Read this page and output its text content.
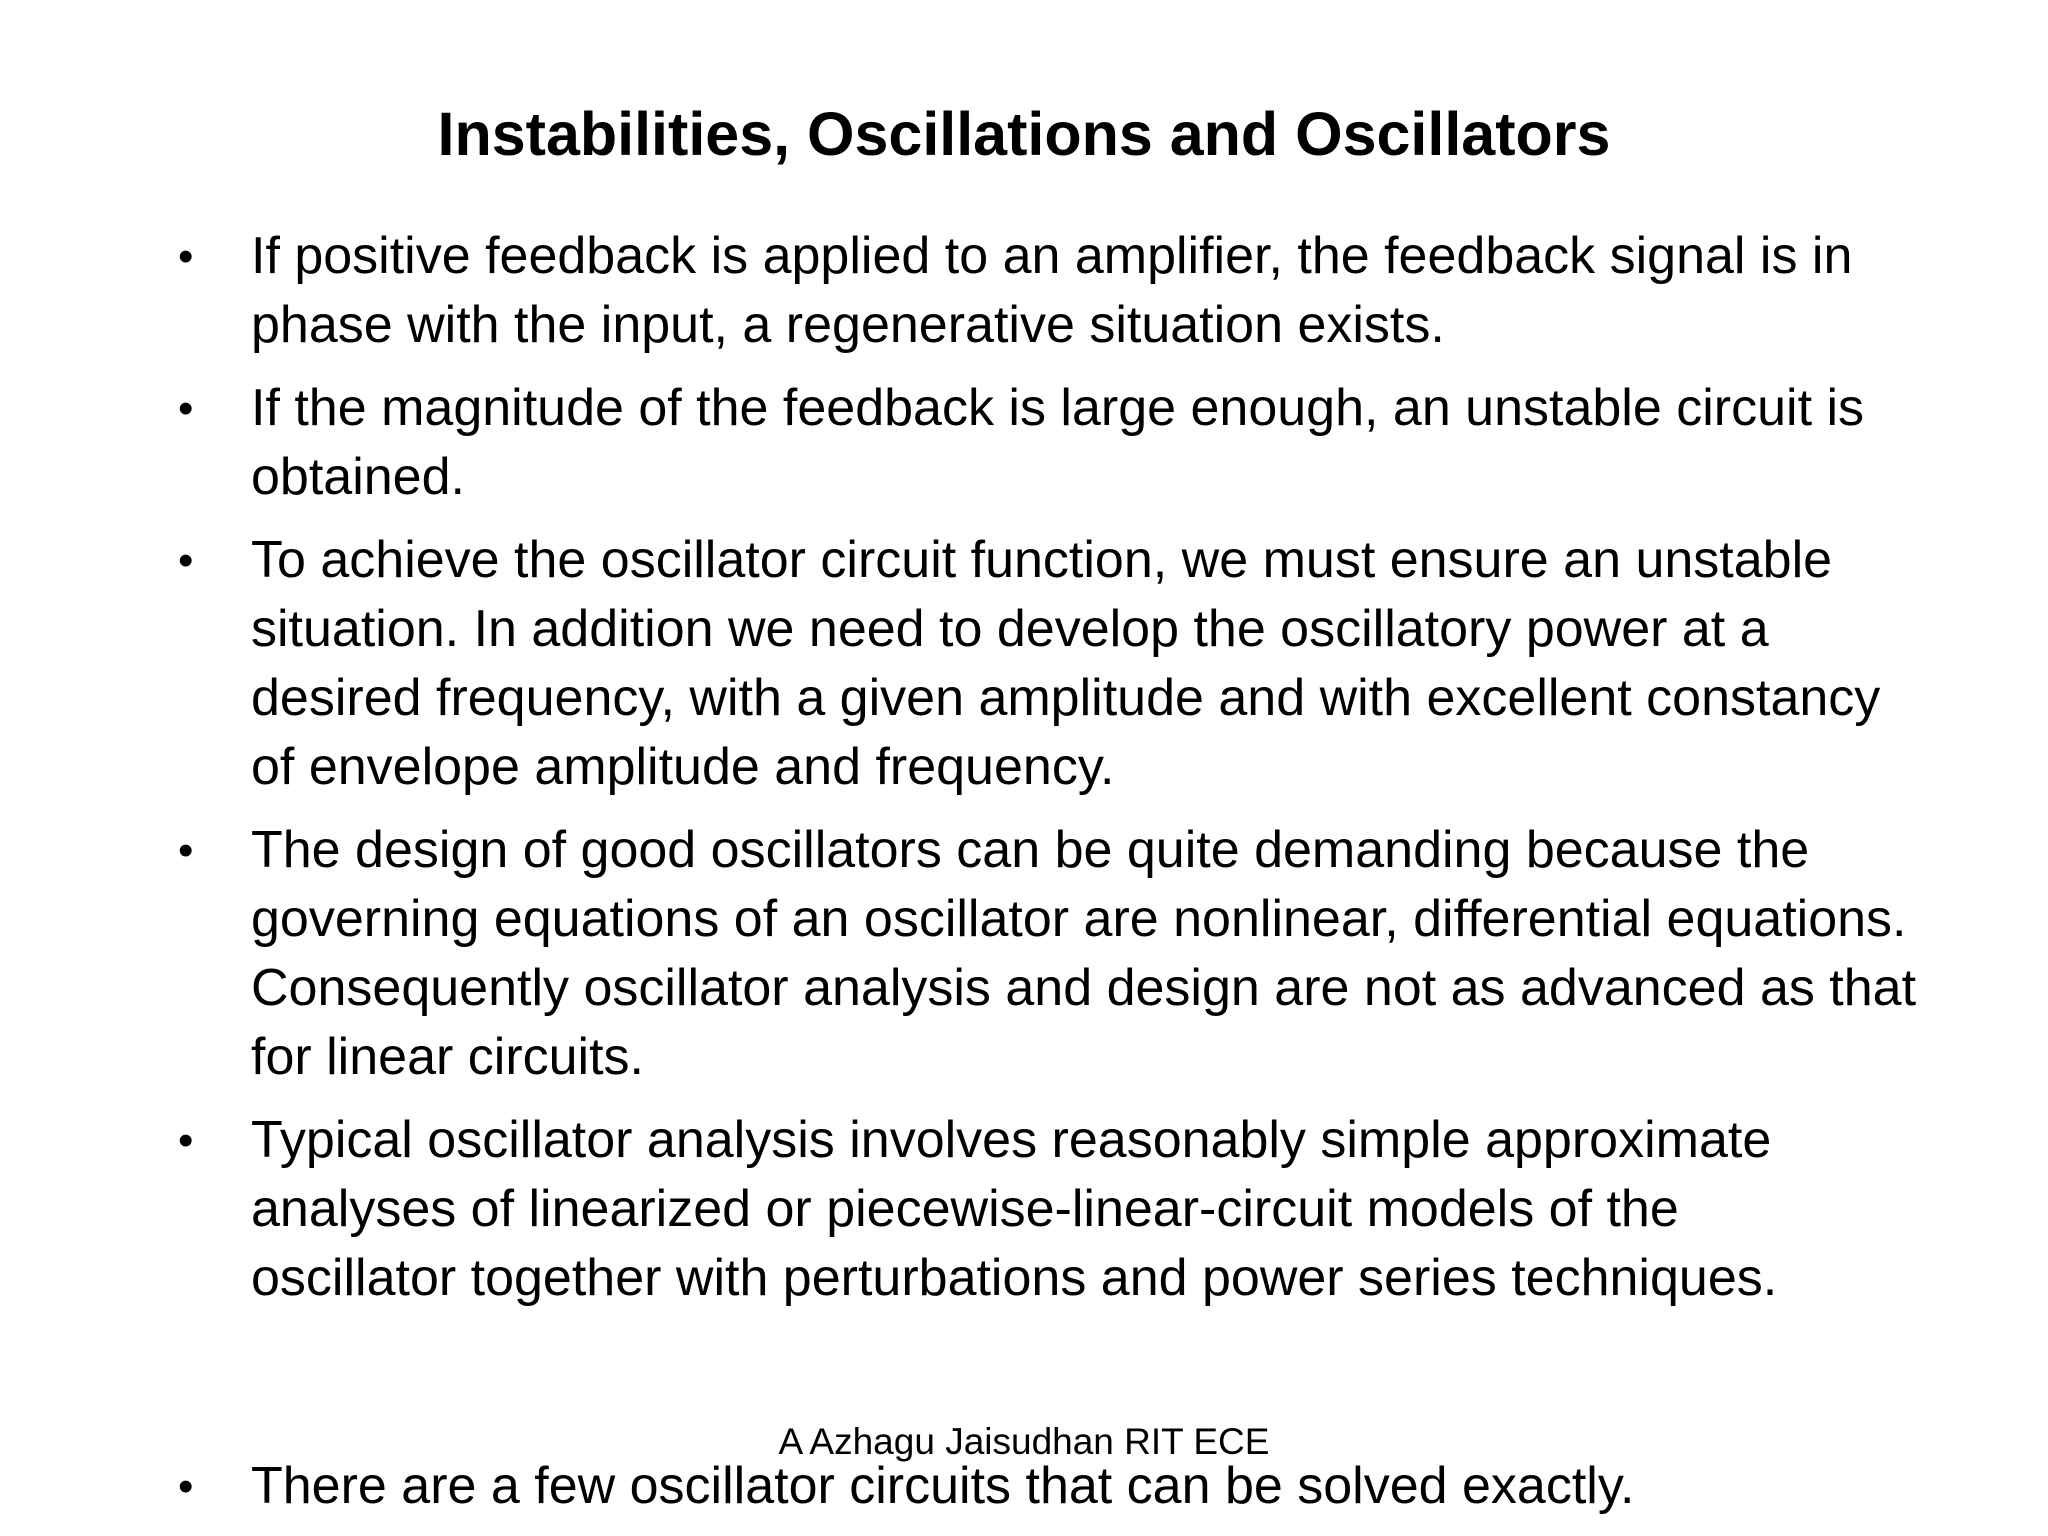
Instabilities, Oscillations and Oscillators
• If positive feedback is applied to an amplifier, the feedback signal is in phase with the input, a regenerative situation exists.
• If the magnitude of the feedback is large enough, an unstable circuit is obtained.
• To achieve the oscillator circuit function, we must ensure an unstable situation. In addition we need to develop the oscillatory power at a desired frequency, with a given amplitude and with excellent constancy of envelope amplitude and frequency.
• The design of good oscillators can be quite demanding because the governing equations of an oscillator are nonlinear, differential equations. Consequently oscillator analysis and design are not as advanced as that for linear circuits.
• Typical oscillator analysis involves reasonably simple approximate analyses of linearized or piecewise-linear-circuit models of the oscillator together with perturbations and power series techniques.
A Azhagu Jaisudhan RIT ECE
• There are a few oscillator circuits that can be solved exactly.
